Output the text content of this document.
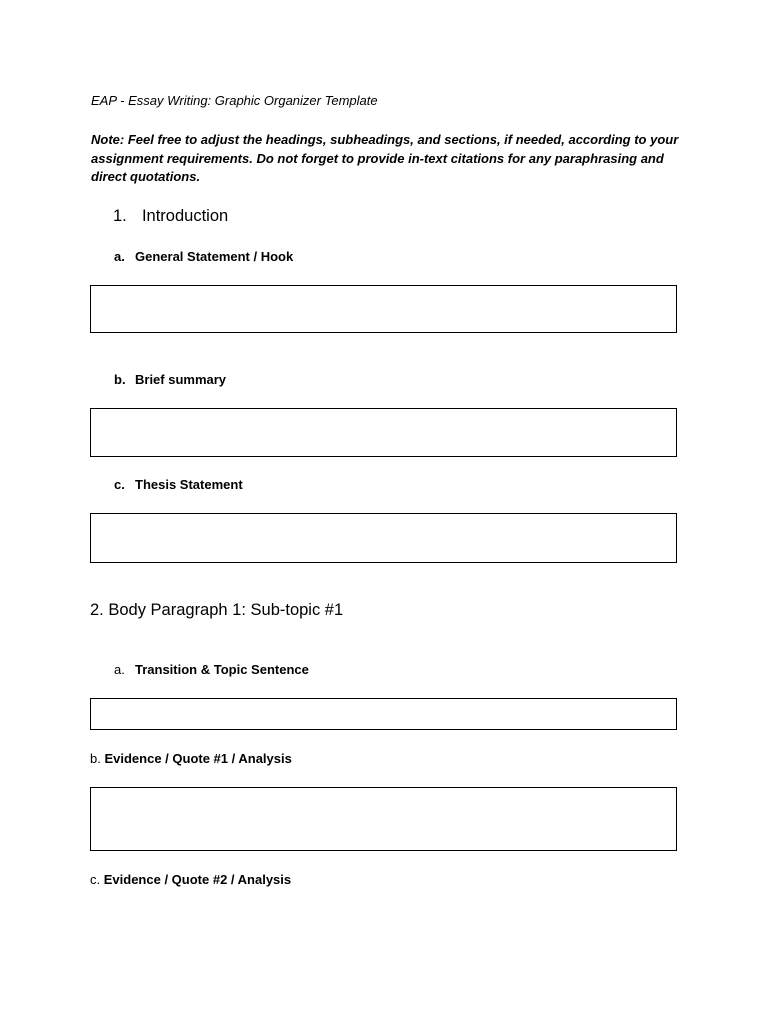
EAP - Essay Writing: Graphic Organizer Template
Note: Feel free to adjust the headings, subheadings, and sections, if needed, according to your assignment requirements. Do not forget to provide in-text citations for any paraphrasing and direct quotations.
1. Introduction
a. General Statement / Hook
b. Brief summary
c. Thesis Statement
2. Body Paragraph 1: Sub-topic #1
a. Transition & Topic Sentence
b. Evidence / Quote #1 / Analysis
c. Evidence / Quote #2 / Analysis
